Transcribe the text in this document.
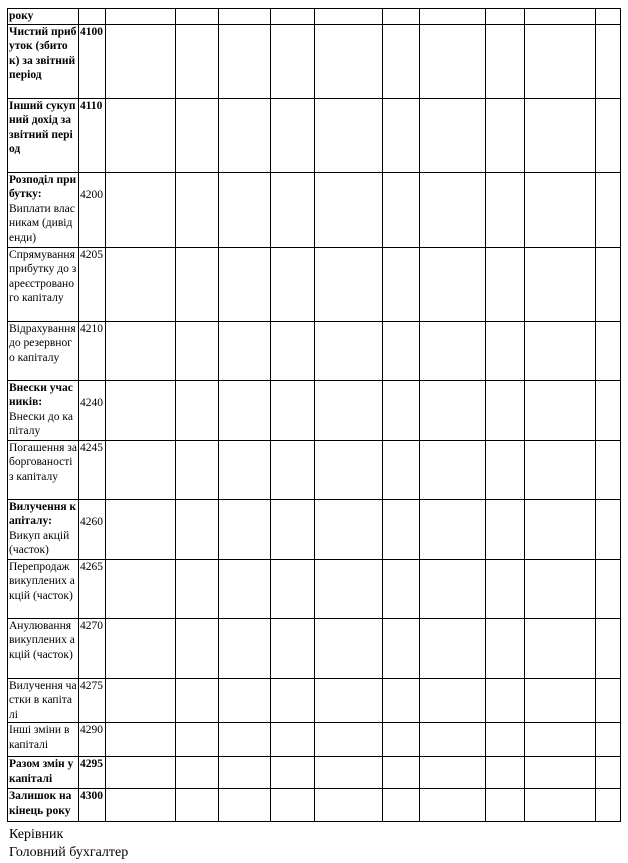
року											

Чистий прибуток (збиток) за звітний період	4100										

Інший сукупний дохід за звітний період	4110										

Розподіл прибутку:
Виплати власникам (дивіденди)	4200										

Спрямування прибутку до зареєстрованого капіталу	4205										

Відрахування до резервного капіталу	4210										

Внески учасників:
Внески до капіталу	4240										

Погашення заборгованості з капіталу	4245										

Вилучення капіталу:
Викуп акцій (часток)	4260										

Перепродаж викуплених акцій (часток)	4265										

Анулювання викуплених акцій (часток)	4270										

Вилучення частки в капіталі	4275										

Інші зміни в капіталі	4290										

Разом змін у капіталі	4295										

Залишок на кінець року	4300										
Керівник
Головний бухгалтер
